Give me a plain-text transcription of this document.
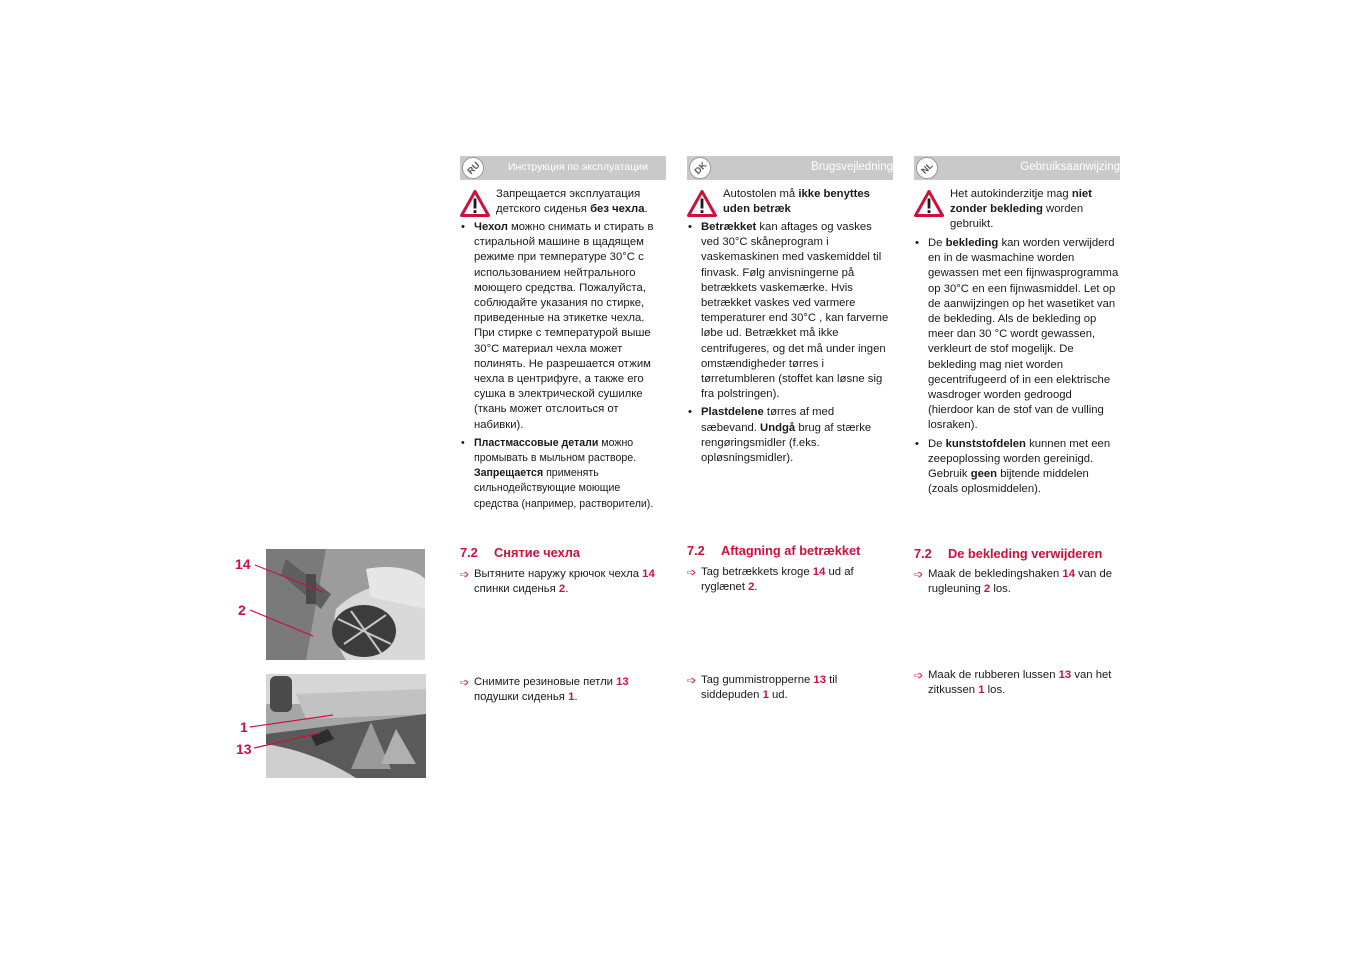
RU	Инструкция по эксплуатации	DK	Brugsvejledning	NL	Gebruiksaanwijzing
Запрещается эксплуатация детского сиденья без чехла.
Autostolen må ikke benyttes uden betræk
Het autokinderzitje mag niet zonder bekleding worden gebruikt.
• Чехол можно снимать и стирать в стиральной машине в щадящем режиме при температуре 30°С с использованием нейтрального моющего средства. Пожалуйста, соблюдайте указания по стирке, приведенные на этикетке чехла. При стирке с температурой выше 30°С материал чехла может полинять. Не разрешается отжим чехла в центрифуге, а также его сушка в электрической сушилке (ткань может отслоиться от набивки).
• Пластмассовые детали можно промывать в мыльном растворе. Запрещается применять сильнодействующие моющие средства (например, растворители).
• Betrækket kan aftages og vaskes ved 30°C skåneprogram i vaskemaskinen med vaskemiddel til finvask. Følg anvisningerne på betrækkets vaskemærke. Hvis betrækket vaskes ved varmere temperaturer end 30°C , kan farverne løbe ud. Betrækket må ikke centrifugeres, og det må under ingen omstændigheder tørres i tørretumbleren (stoffet kan løsne sig fra polstringen).
• Plastdelene tørres af med sæbevand. Undgå brug af stærke rengøringsmidler (f.eks. opløsningsmidler).
• De bekleding kan worden verwijderd en in de wasmachine worden gewassen met een fijnwasprogramma op 30°C en een fijnwasmiddel. Let op de aanwijzingen op het wasetiket van de bekleding. Als de bekleding op meer dan 30 °C wordt gewassen, verkleurt de stof mogelijk. De bekleding mag niet worden gecentrifugeerd of in een elektrische wasdroger worden gedroogd (hierdoor kan de stof van de vulling losraken).
• De kunststofdelen kunnen met een zeepoplossing worden gereinigd. Gebruik geen bijtende middelen (zoals oplosmiddelen).
7.2 Снятие чехла	7.2 Aftagning af betrækket	7.2 De bekleding verwijderen
➩ Вытяните наружу крючок чехла 14 спинки сиденья 2.
➩ Tag betrækkets kroge 14 ud af ryglænet 2.
➩ Maak de bekledingshaken 14 van de rugleuning 2 los.
➩ Снимите резиновые петли 13 подушки сиденья 1.
➩ Tag gummistropperne 13 til siddepuden 1 ud.
➩ Maak de rubberen lussen 13 van het zitkussen 1 los.
14
2
1
13
